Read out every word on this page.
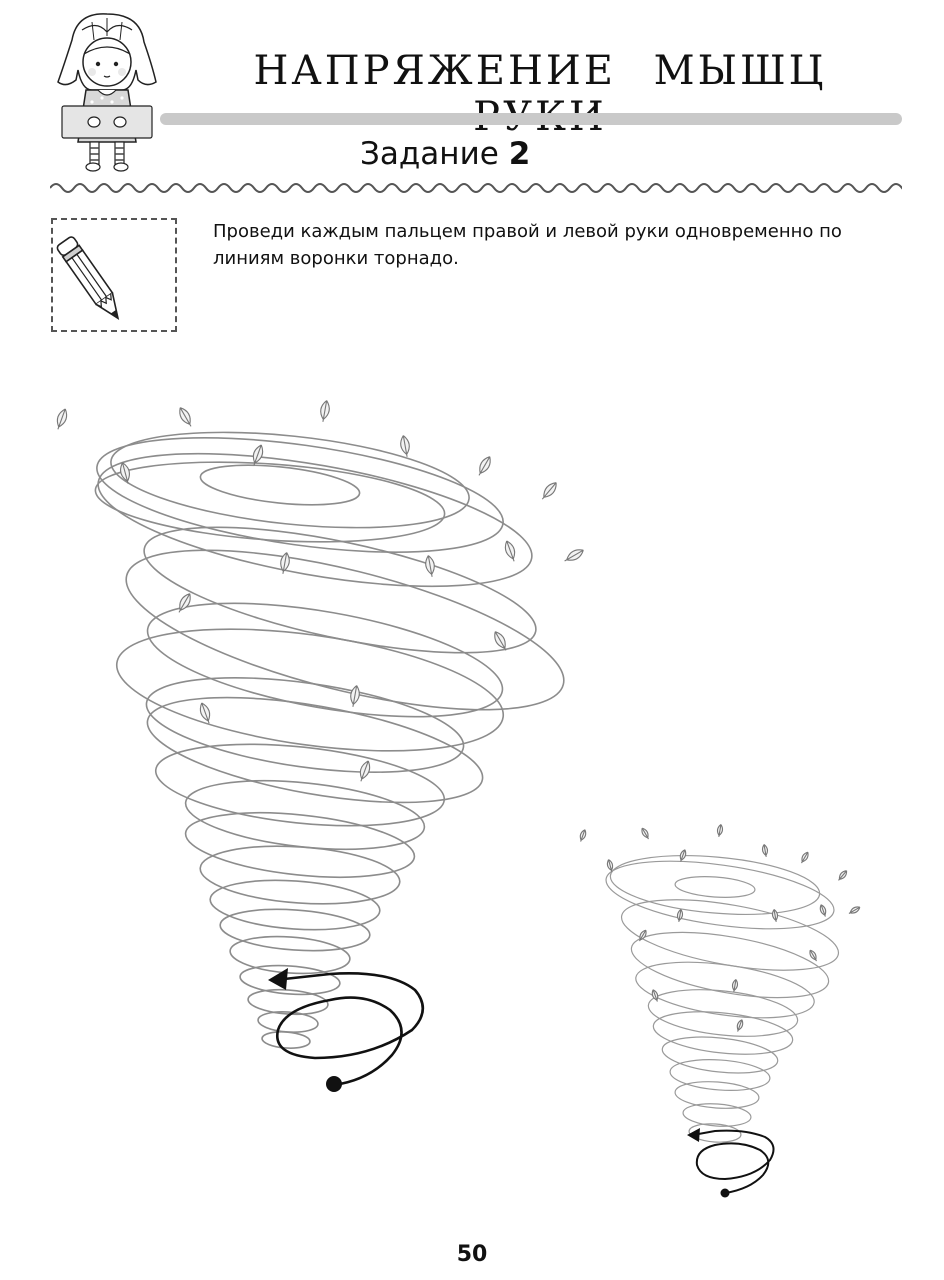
НАПРЯЖЕНИЕ МЫШЦ
Задание 2
Проведи каждым пальцем правой и левой руки одновременно по линиям воронки торнадо.
50
